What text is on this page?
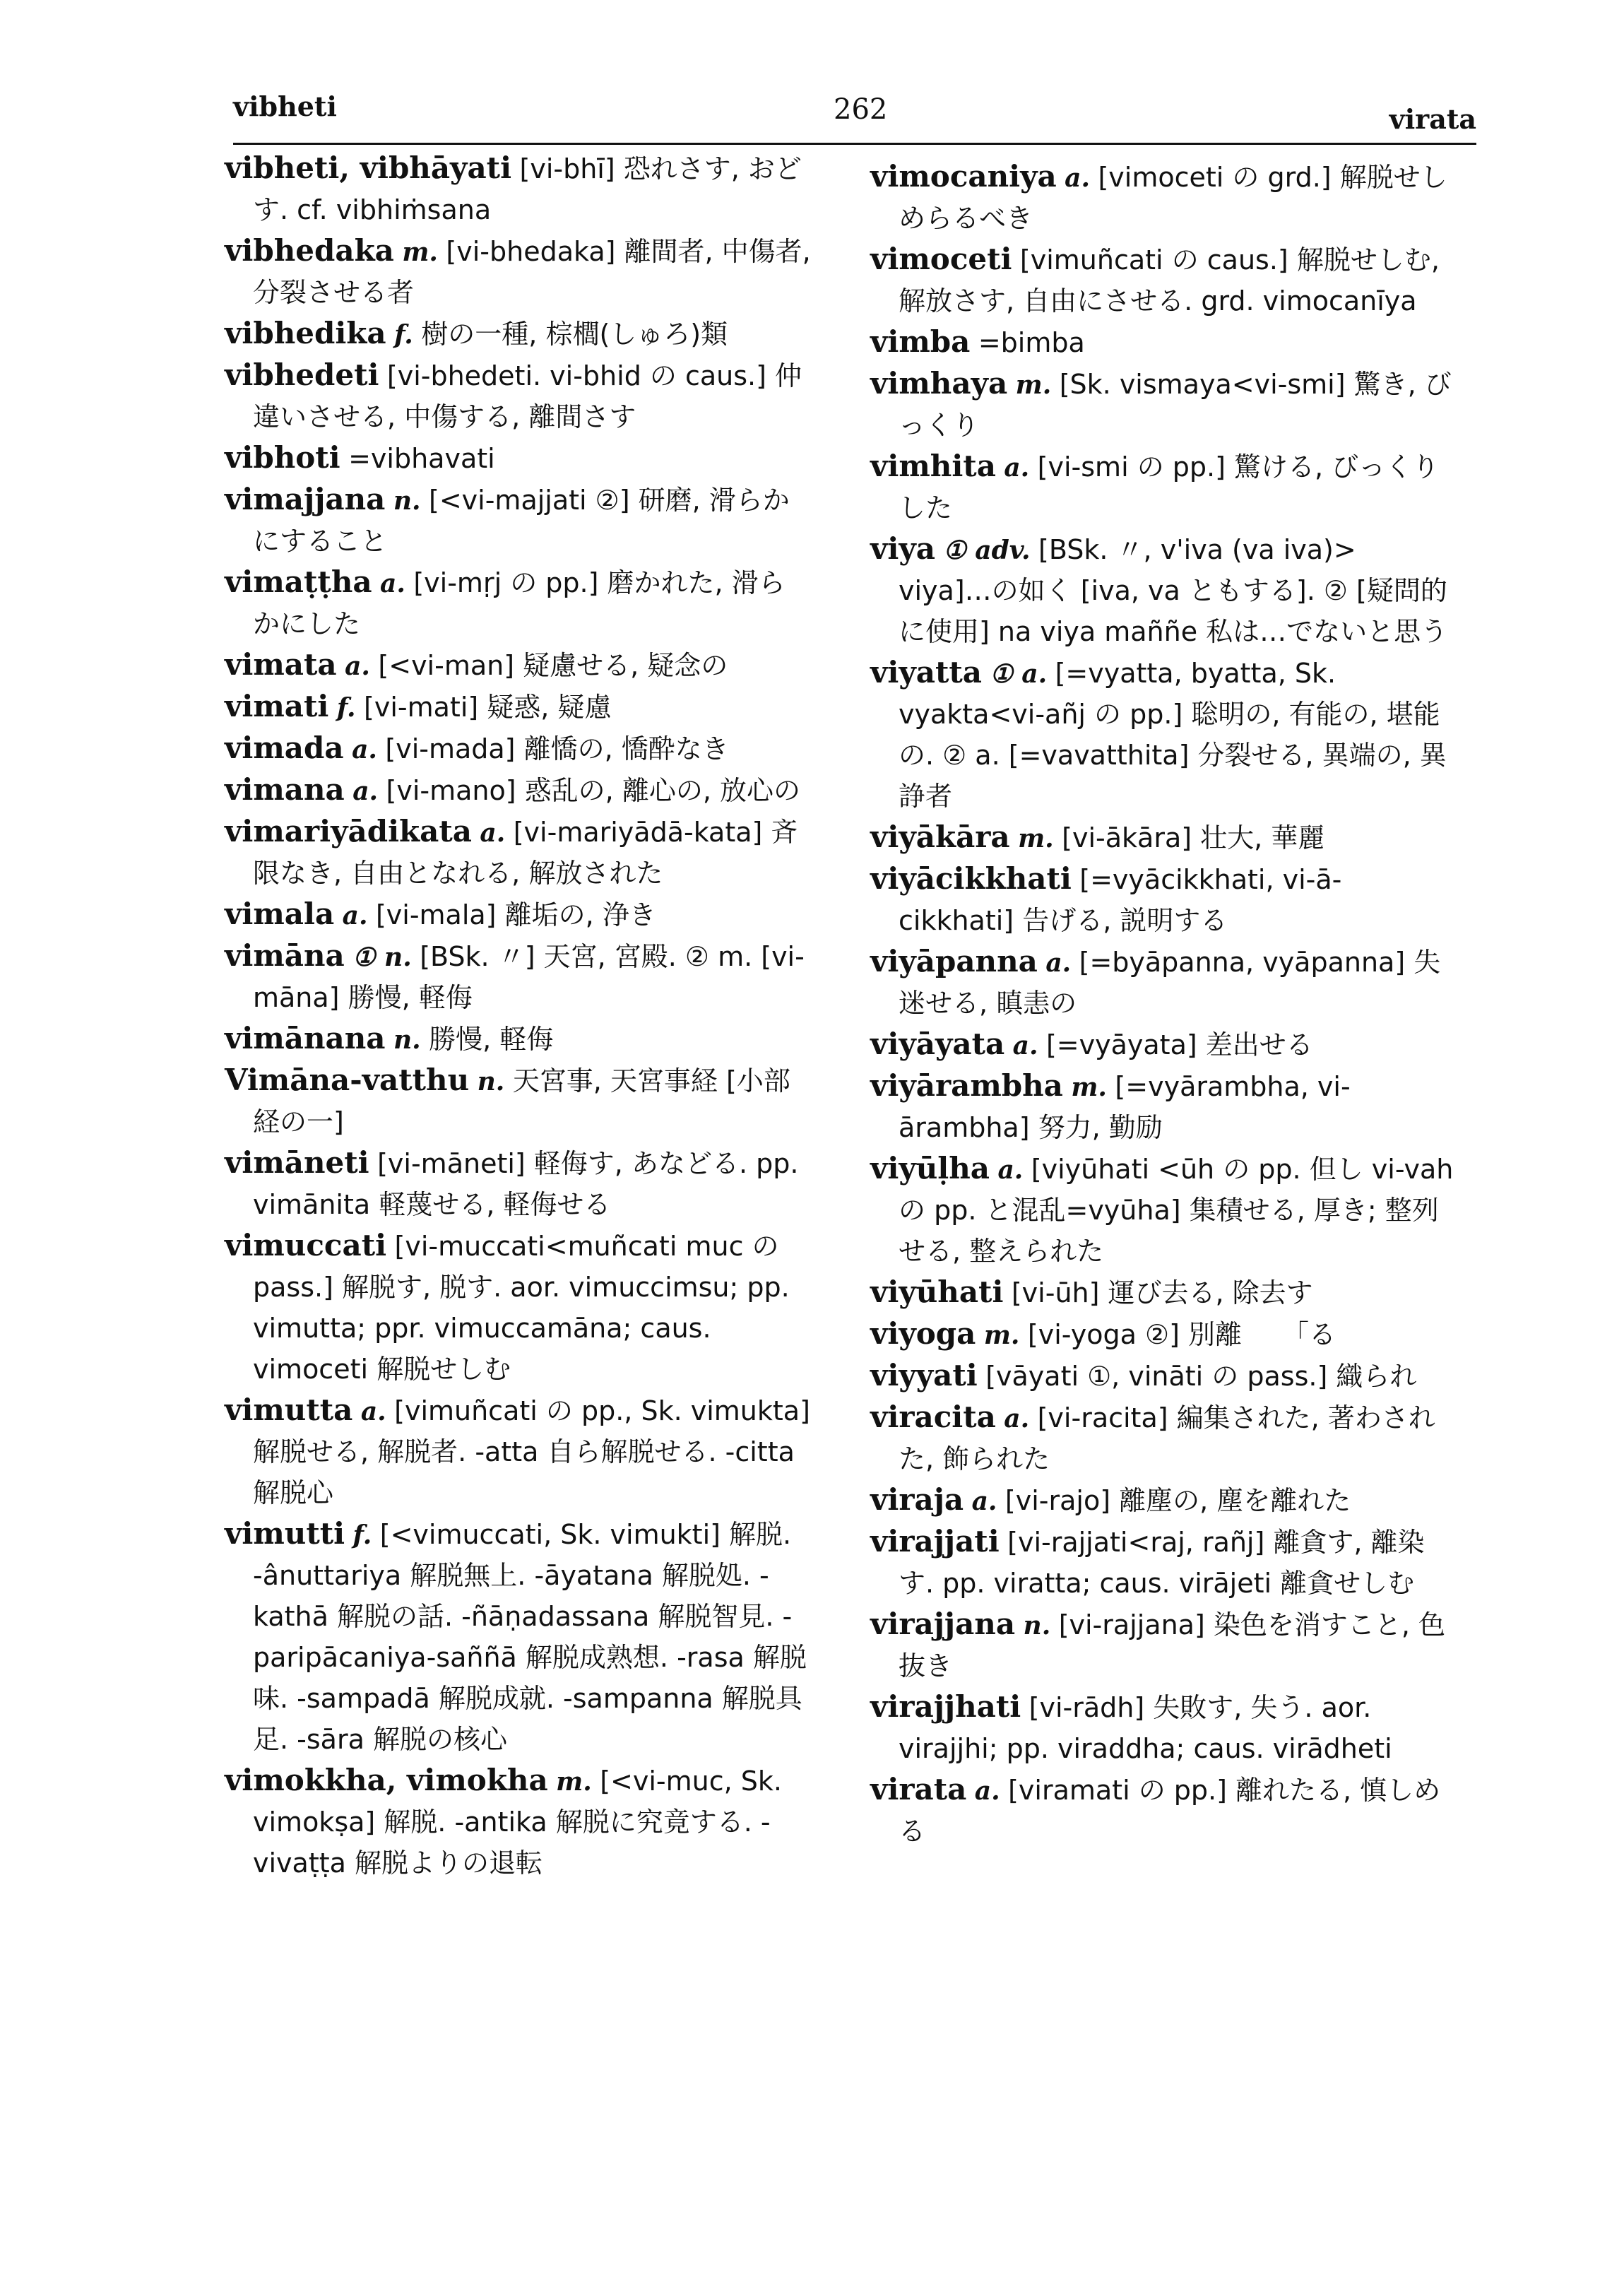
vibheti	262	virata
vibheti, vibhāyati [vi-bhī] 恐れさす, おどす. cf. vibhiṁsana
vibhedaka m. [vi-bhedaka] 離間者, 中傷者, 分裂させる者
vibhedika f. 樹の一種, 棕櫚(しゅろ)類
vibhedeti [vi-bhedeti. vi-bhid の caus.] 仲違いさせる, 中傷する, 離間さす
vibhoti =vibhavati
vimajjana n. [<vi-majjati ②] 研磨, 滑らかにすること
vimaṭṭha a. [vi-mṛj の pp.] 磨かれた, 滑らかにした
vimata a. [<vi-man] 疑慮せる, 疑念の
vimati f. [vi-mati] 疑惑, 疑慮
vimada a. [vi-mada] 離憍の, 憍酔なき
vimana a. [vi-mano] 惑乱の, 離心の, 放心の
vimariyādikata a. [vi-mariyādā-kata] 斉限なき, 自由となれる, 解放された
vimala a. [vi-mala] 離垢の, 浄き
vimāna ① n. [BSk. 〃] 天宮, 宮殿. ② m. [vi-māna] 勝慢, 軽侮
vimānana n. 勝慢, 軽侮
Vimāna-vatthu n. 天宮事, 天宮事経 [小部経の一]
vimāneti [vi-māneti] 軽侮す, あなどる. pp. vimānita 軽蔑せる, 軽侮せる
vimuccati [vi-muccati<muñcati muc の pass.] 解脱す, 脱す. aor. vimuccimsu; pp. vimutta; ppr. vimuccamāna; caus. vimoceti 解脱せしむ
vimutta a. [vimuñcati の pp., Sk. vimukta] 解脱せる, 解脱者. -atta 自ら解脱せる. -citta 解脱心
vimutti f. [<vimuccati, Sk. vimukti] 解脱. -ânuttariya 解脱無上. -āyatana 解脱処. -kathā 解脱の話. -ñāṇadassana 解脱智見. -paripācaniya-saññā 解脱成熟想. -rasa 解脱味. -sampadā 解脱成就. -sampanna 解脱具足. -sāra 解脱の核心
vimokkha, vimokha m. [<vi-muc, Sk. vimokṣa] 解脱. -antika 解脱に究竟する. -vivaṭṭa 解脱よりの退転
vimocaniya a. [vimoceti の grd.] 解脱せしめらるべき
vimoceti [vimuñcati の caus.] 解脱せしむ, 解放さす, 自由にさせる. grd. vimocanīya
vimba =bimba
vimhaya m. [Sk. vismaya<vi-smi] 驚き, びっくり
vimhita a. [vi-smi の pp.] 驚ける, びっくりした
viya ① adv. [BSk. 〃, v'iva (va iva)> viya]…の如く [iva, va ともする]. ② [疑問的に使用] na viya maññe 私は…でないと思う
viyatta ① a. [=vyatta, byatta, Sk. vyakta<vi-añj の pp.] 聡明の, 有能の, 堪能の. ② a. [=vavatthita] 分裂せる, 異端の, 異諍者
viyākāra m. [vi-ākāra] 壮大, 華麗
viyācikkhati [=vyācikkhati, vi-ā-cikkhati] 告げる, 説明する
viyāpanna a. [=byāpanna, vyāpanna] 失迷せる, 瞋恚の
viyāyata a. [=vyāyata] 差出せる
viyārambha m. [=vyārambha, vi-ārambha] 努力, 勤励
viyūḷha a. [viyūhati <ūh の pp. 但し vi-vah の pp. と混乱=vyūha] 集積せる, 厚き; 整列せる, 整えられた
viyūhati [vi-ūh] 運び去る, 除去す
viyoga m. [vi-yoga ②] 別離　　「る
viyyati [vāyati ①, vināti の pass.] 織られ
viracita a. [vi-racita] 編集された, 著わされた, 飾られた
viraja a. [vi-rajo] 離塵の, 塵を離れた
virajjati [vi-rajjati<raj, rañj] 離貪す, 離染す. pp. viratta; caus. virājeti 離貪せしむ
virajjana n. [vi-rajjana] 染色を消すこと, 色抜き
virajjhati [vi-rādh] 失敗す, 失う. aor. virajjhi; pp. viraddha; caus. virādheti
virata a. [viramati の pp.] 離れたる, 慎しめる
